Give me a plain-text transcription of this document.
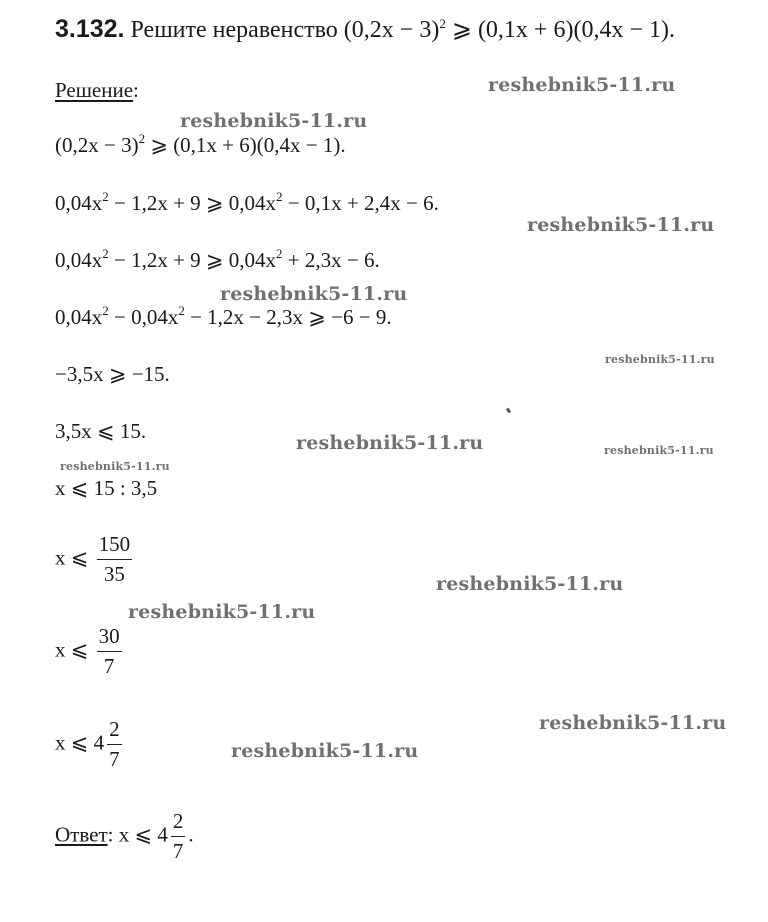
3.132. Решите неравенство $(0,2х - 3)^2$ ⩾ (0,1х + 6)(0,4х − 1).
Решение:
$(0,2х - 3)^2$ ⩾ (0,1х + 6)(0,4х − 1).
$0,04х^2 - 1,2х + 9$ ⩾ $0,04х^2 - 0,1х + 2,4х - 6$.
$0,04х^2 - 1,2х + 9$ ⩾ $0,04х^2 + 2,3х - 6$.
$0,04х^2 - 0,04х^2 - 1,2х - 2,3х$ ⩾ −6 − 9.
−3,5х ⩾ −15.
3,5х ⩽ 15.
х ⩽ 15 : 3,5
х ⩽ $\frac{150}{35}$
х ⩽ $\frac{30}{7}$
х ⩽ $4 \frac{2}{7}$
Ответ: х ⩽ $4 \frac{2}{7}$ .
reshebnik5-11.ru
reshebnik5-11.ru
reshebnik5-11.ru
reshebnik5-11.ru
reshebnik5-11.ru
reshebnik5-11.ru	reshebnik5-11.ru
reshebnik5-11.ru
reshebnik5-11.ru
reshebnik5-11.ru
reshebnik5-11.ru
reshebnik5-11.ru
